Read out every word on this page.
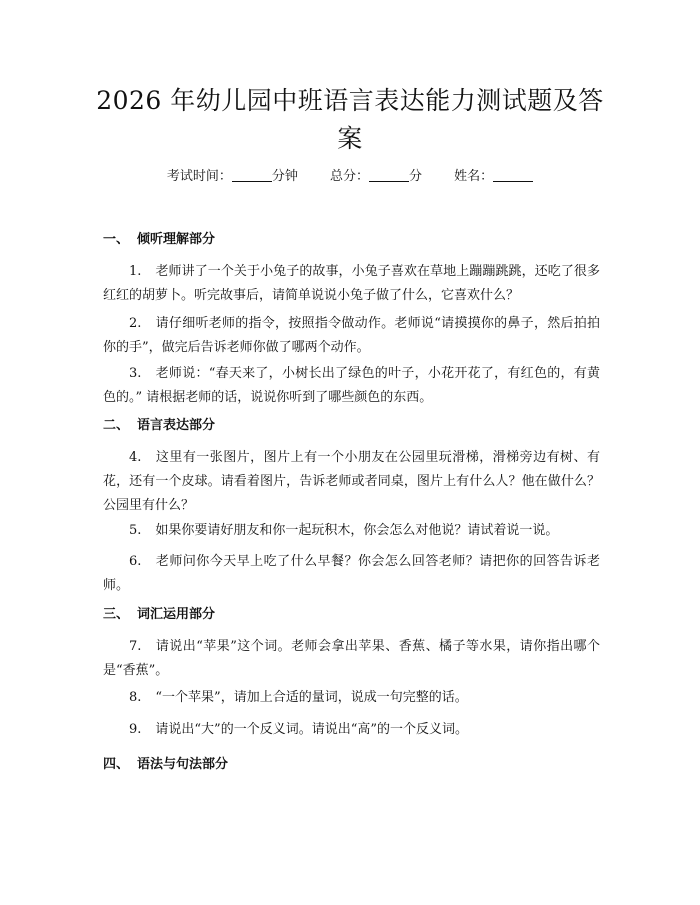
2026 年幼儿园中班语言表达能力测试题及答
案
考试时间：	分钟 总分：	分 姓名：
一、 倾听理解部分
1. 老师讲了一个关于小兔子的故事，小兔子喜欢在草地上蹦蹦跳跳，还吃了很多红红的胡萝卜。听完故事后，请简单说说小兔子做了什么，它喜欢什么？
2. 请仔细听老师的指令，按照指令做动作。老师说“请摸摸你的鼻子，然后拍拍你的手”，做完后告诉老师你做了哪两个动作。
3. 老师说：“春天来了，小树长出了绿色的叶子，小花开花了，有红色的，有黄色的。” 请根据老师的话，说说你听到了哪些颜色的东西。
二、 语言表达部分
4. 这里有一张图片，图片上有一个小朋友在公园里玩滑梯，滑梯旁边有树、有花，还有一个皮球。请看着图片，告诉老师或者同桌，图片上有什么人？他在做什么？公园里有什么？
5. 如果你要请好朋友和你一起玩积木，你会怎么对他说？请试着说一说。
6. 老师问你今天早上吃了什么早餐？你会怎么回答老师？请把你的回答告诉老师。
三、 词汇运用部分
7. 请说出“苹果”这个词。老师会拿出苹果、香蕉、橘子等水果，请你指出哪个是“香蕉”。
8. “一个苹果”，请加上合适的量词，说成一句完整的话。
9. 请说出“大”的一个反义词。请说出“高”的一个反义词。
四、 语法与句法部分
